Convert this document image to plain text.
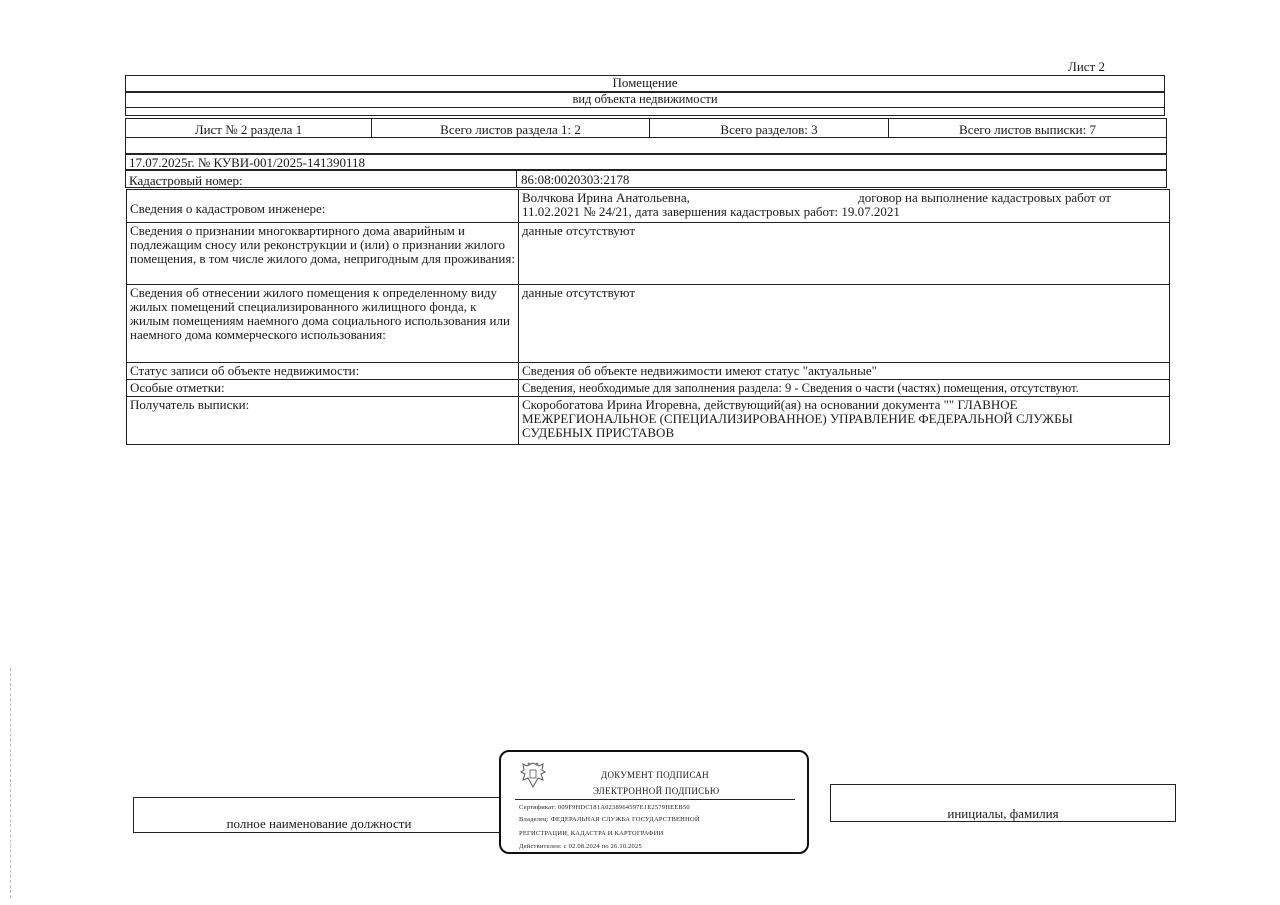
Лист 2
Помещение
вид объекта недвижимости
Лист № 2 раздела 1	Всего листов раздела 1: 2	Всего разделов: 3	Всего листов выписки: 7
17.07.2025г. № КУВИ-001/2025-141390118
Кадастровый номер:	86:08:0020303:2178
Сведения о кадастровом инженере:	Волчкова Ирина Анатольевна, договор на выполнение кадастровых работ от
11.02.2021 № 24/21, дата завершения кадастровых работ: 19.07.2021

Сведения о признании многоквартирного дома аварийным и подлежащим сносу или реконструкции и (или) о признании жилого помещения, в том числе жилого дома, непригодным для проживания:	данные отсутствуют
Сведения об отнесении жилого помещения к определенному виду жилых помещений специализированного жилищного фонда, к жилым помещениям наемного дома социального использования или наемного дома коммерческого использования:	данные отсутствуют
Статус записи об объекте недвижимости:	Сведения об объекте недвижимости имеют статус "актуальные"
Особые отметки:	Сведения, необходимые для заполнения раздела: 9 - Сведения о части (частях) помещения, отсутствуют.
Получатель выписки:	Скоробогатова Ирина Игоревна, действующий(ая) на основании документа "" ГЛАВНОЕ
МЕЖРЕГИОНАЛЬНОЕ (СПЕЦИАЛИЗИРОВАННОЕ) УПРАВЛЕНИЕ ФЕДЕРАЛЬНОЙ СЛУЖБЫ
СУДЕБНЫХ ПРИСТАВОВ
полное наименование должности
инициалы, фамилия
ДОКУМЕНТ ПОДПИСАН
ЭЛЕКТРОННОЙ ПОДПИСЬЮ
Сертификат: 009F9HDC181A0238964597E1E2579HEEB50
Владелец: ФЕДЕРАЛЬНАЯ СЛУЖБА ГОСУДАРСТВЕННОЙ
РЕГИСТРАЦИИ, КАДАСТРА И КАРТОГРАФИИ
Действителен: с 02.08.2024 по 26.10.2025
